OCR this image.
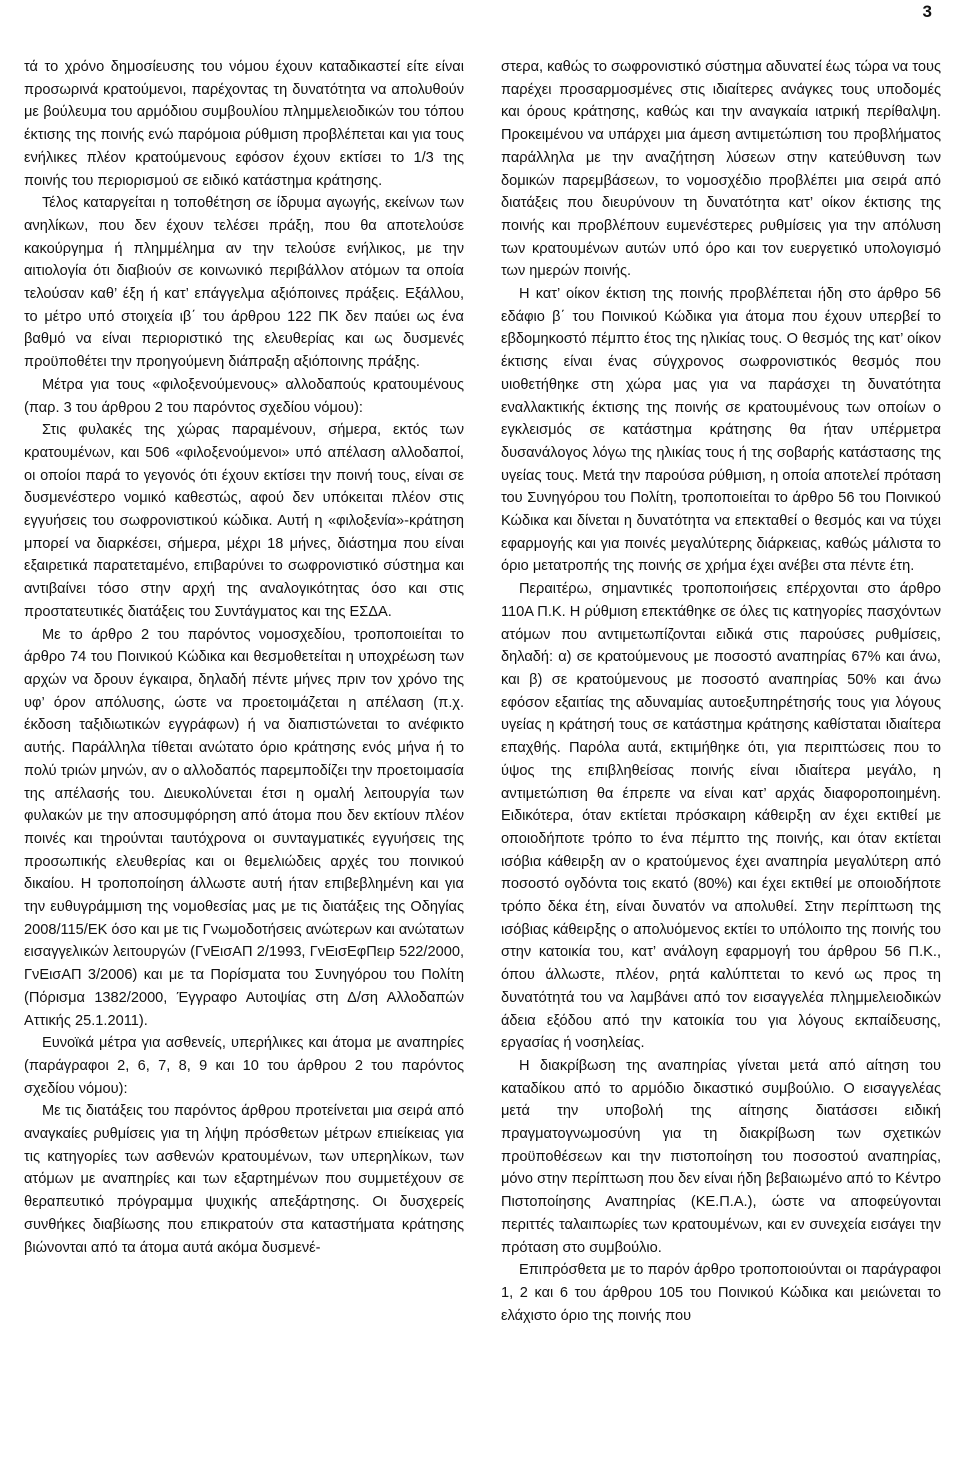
3

τά το χρόνο δημοσίευσης του νόμου έχουν καταδικαστεί είτε είναι προσωρινά κρατούμενοι, παρέχοντας τη δυνατότητα να απολυθούν με βούλευμα του αρμόδιου συμβουλίου πλημμελειοδικών του τόπου έκτισης της ποινής ενώ παρόμοια ρύθμιση προβλέπεται και για τους ενήλικες πλέον κρατούμενους εφόσον έχουν εκτίσει το 1/3 της ποινής του περιορισμού σε ειδικό κατάστημα κράτησης.

Τέλος καταργείται η τοποθέτηση σε ίδρυμα αγωγής, εκείνων των ανηλίκων, που δεν έχουν τελέσει πράξη, που θα αποτελούσε κακούργημα ή πλημμέλημα αν την τελούσε ενήλικος, με την αιτιολογία ότι διαβιούν σε κοινωνικό περιβάλλον ατόμων τα οποία τελούσαν καθ’ έξη ή κατ’ επάγγελμα αξιόποινες πράξεις. Εξάλλου, το μέτρο υπό στοιχεία ιβ΄ του άρθρου 122 ΠΚ δεν παύει ως ένα βαθμό να είναι περιοριστικό της ελευθερίας και ως δυσμενές προϋποθέτει την προηγούμενη διάπραξη αξιόποινης πράξης.

Μέτρα για τους «φιλοξενούμενους» αλλοδαπούς κρατουμένους (παρ. 3 του άρθρου 2 του παρόντος σχεδίου νόμου):

Στις φυλακές της χώρας παραμένουν, σήμερα, εκτός των κρατουμένων, και 506 «φιλοξενούμενοι» υπό απέλαση αλλοδαποί, οι οποίοι παρά το γεγονός ότι έχουν εκτίσει την ποινή τους, είναι σε δυσμενέστερο νομικό καθεστώς, αφού δεν υπόκειται πλέον στις εγγυήσεις του σωφρονιστικού κώδικα. Αυτή η «φιλοξενία»-κράτηση μπορεί να διαρκέσει, σήμερα, μέχρι 18 μήνες, διάστημα που είναι εξαιρετικά παρατεταμένο, επιβαρύνει το σωφρονιστικό σύστημα και αντιβαίνει τόσο στην αρχή της αναλογικότητας όσο και στις προστατευτικές διατάξεις του Συντάγματος και της ΕΣΔΑ.

Με το άρθρο 2 του παρόντος νομοσχεδίου, τροποποιείται το άρθρο 74 του Ποινικού Κώδικα και θεσμοθετείται η υποχρέωση των αρχών να δρουν έγκαιρα, δηλαδή πέντε μήνες πριν τον χρόνο της υφ’ όρον απόλυσης, ώστε να προετοιμάζεται η απέλαση (π.χ. έκδοση ταξιδιωτικών εγγράφων) ή να διαπιστώνεται το ανέφικτο αυτής. Παράλληλα τίθεται ανώτατο όριο κράτησης ενός μήνα ή το πολύ τριών μηνών, αν ο αλλοδαπός παρεμποδίζει την προετοιμασία της απέλασής του. Διευκολύνεται έτσι η ομαλή λειτουργία των φυλακών με την αποσυμφόρηση από άτομα που δεν εκτίουν πλέον ποινές και τηρούνται ταυτόχρονα οι συνταγματικές εγγυήσεις της προσωπικής ελευθερίας και οι θεμελιώδεις αρχές του ποινικού δικαίου. Η τροποποίηση άλλωστε αυτή ήταν επιβεβλημένη και για την ευθυγράμμιση της νομοθεσίας μας με τις διατάξεις της Οδηγίας 2008/115/ΕΚ όσο και με τις Γνωμοδοτήσεις ανώτερων και ανώτατων εισαγγελικών λειτουργών (ΓνΕισΑΠ 2/1993, ΓνΕισΕφΠειρ 522/2000, ΓνΕισΑΠ 3/2006) και με τα Πορίσματα του Συνηγόρου του Πολίτη (Πόρισμα 1382/2000, Έγγραφο Αυτοψίας στη Δ/ση Αλλοδαπών Αττικής 25.1.2011).

Ευνοϊκά μέτρα για ασθενείς, υπερήλικες και άτομα με αναπηρίες (παράγραφοι 2, 6, 7, 8, 9 και 10 του άρθρου 2 του παρόντος σχεδίου νόμου):

Με τις διατάξεις του παρόντος άρθρου προτείνεται μια σειρά από αναγκαίες ρυθμίσεις για τη λήψη πρόσθετων μέτρων επιείκειας για τις κατηγορίες των ασθενών κρατουμένων, των υπερηλίκων, των ατόμων με αναπηρίες και των εξαρτημένων που συμμετέχουν σε θεραπευτικό πρόγραμμα ψυχικής απεξάρτησης. Οι δυσχερείς συνθήκες διαβίωσης που επικρατούν στα καταστήματα κράτησης βιώνονται από τα άτομα αυτά ακόμα δυσμενέ-

στερα, καθώς το σωφρονιστικό σύστημα αδυνατεί έως τώρα να τους παρέχει προσαρμοσμένες στις ιδιαίτερες ανάγκες τους υποδομές και όρους κράτησης, καθώς και την αναγκαία ιατρική περίθαλψη. Προκειμένου να υπάρχει μια άμεση αντιμετώπιση του προβλήματος παράλληλα με την αναζήτηση λύσεων στην κατεύθυνση των δομικών παρεμβάσεων, το νομοσχέδιο προβλέπει μια σειρά από διατάξεις που διευρύνουν τη δυνατότητα κατ’ οίκον έκτισης της ποινής και προβλέπουν ευμενέστερες ρυθμίσεις για την απόλυση των κρατουμένων αυτών υπό όρο και τον ευεργετικό υπολογισμό των ημερών ποινής.

Η κατ’ οίκον έκτιση της ποινής προβλέπεται ήδη στο άρθρο 56 εδάφιο β΄ του Ποινικού Κώδικα για άτομα που έχουν υπερβεί το εβδομηκοστό πέμπτο έτος της ηλικίας τους. Ο θεσμός της κατ’ οίκον έκτισης είναι ένας σύγχρονος σωφρονιστικός θεσμός που υιοθετήθηκε στη χώρα μας για να παράσχει τη δυνατότητα εναλλακτικής έκτισης της ποινής σε κρατουμένους των οποίων ο εγκλεισμός σε κατάστημα κράτησης θα ήταν υπέρμετρα δυσανάλογος λόγω της ηλικίας τους ή της σοβαρής κατάστασης της υγείας τους. Μετά την παρούσα ρύθμιση, η οποία αποτελεί πρόταση του Συνηγόρου του Πολίτη, τροποποιείται το άρθρο 56 του Ποινικού Κώδικα και δίνεται η δυνατότητα να επεκταθεί ο θεσμός και να τύχει εφαρμογής και για ποινές μεγαλύτερης διάρκειας, καθώς μάλιστα το όριο μετατροπής της ποινής σε χρήμα έχει ανέβει στα πέντε έτη.

Περαιτέρω, σημαντικές τροποποιήσεις επέρχονται στο άρθρο 110Α Π.Κ. Η ρύθμιση επεκτάθηκε σε όλες τις κατηγορίες πασχόντων ατόμων που αντιμετωπίζονται ειδικά στις παρούσες ρυθμίσεις, δηλαδή: α) σε κρατούμενους με ποσοστό αναπηρίας 67% και άνω, και β) σε κρατούμενους με ποσοστό αναπηρίας 50% και άνω εφόσον εξαιτίας της αδυναμίας αυτοεξυπηρέτησής τους για λόγους υγείας η κράτησή τους σε κατάστημα κράτησης καθίσταται ιδιαίτερα επαχθής. Παρόλα αυτά, εκτιμήθηκε ότι, για περιπτώσεις που το ύψος της επιβληθείσας ποινής είναι ιδιαίτερα μεγάλο, η αντιμετώπιση θα έπρεπε να είναι κατ’ αρχάς διαφοροποιημένη. Ειδικότερα, όταν εκτίεται πρόσκαιρη κάθειρξη αν έχει εκτιθεί με οποιοδήποτε τρόπο το ένα πέμπτο της ποινής, και όταν εκτίεται ισόβια κάθειρξη αν ο κρατούμενος έχει αναπηρία μεγαλύτερη από ποσοστό ογδόντα τοις εκατό (80%) και έχει εκτιθεί με οποιοδήποτε τρόπο δέκα έτη, είναι δυνατόν να απολυθεί. Στην περίπτωση της ισόβιας κάθειρξης ο απολυόμενος εκτίει το υπόλοιπο της ποινής του στην κατοικία του, κατ’ ανάλογη εφαρμογή του άρθρου 56 Π.Κ., όπου άλλωστε, πλέον, ρητά καλύπτεται το κενό ως προς τη δυνατότητά του να λαμβάνει από τον εισαγγελέα πλημμελειοδικών άδεια εξόδου από την κατοικία του για λόγους εκπαίδευσης, εργασίας ή νοσηλείας.

Η διακρίβωση της αναπηρίας γίνεται μετά από αίτηση του καταδίκου από το αρμόδιο δικαστικό συμβούλιο. Ο εισαγγελέας μετά την υποβολή της αίτησης διατάσσει ειδική πραγματογνωμοσύνη για τη διακρίβωση των σχετικών προϋποθέσεων και την πιστοποίηση του ποσοστού αναπηρίας, μόνο στην περίπτωση που δεν είναι ήδη βεβαιωμένο από το Κέντρο Πιστοποίησης Αναπηρίας (ΚΕ.Π.Α.), ώστε να αποφεύγονται περιττές ταλαιπωρίες των κρατουμένων, και εν συνεχεία εισάγει την πρόταση στο συμβούλιο.

Επιπρόσθετα με το παρόν άρθρο τροποποιούνται οι παράγραφοι 1, 2 και 6 του άρθρου 105 του Ποινικού Κώδικα και μειώνεται το ελάχιστο όριο της ποινής που
